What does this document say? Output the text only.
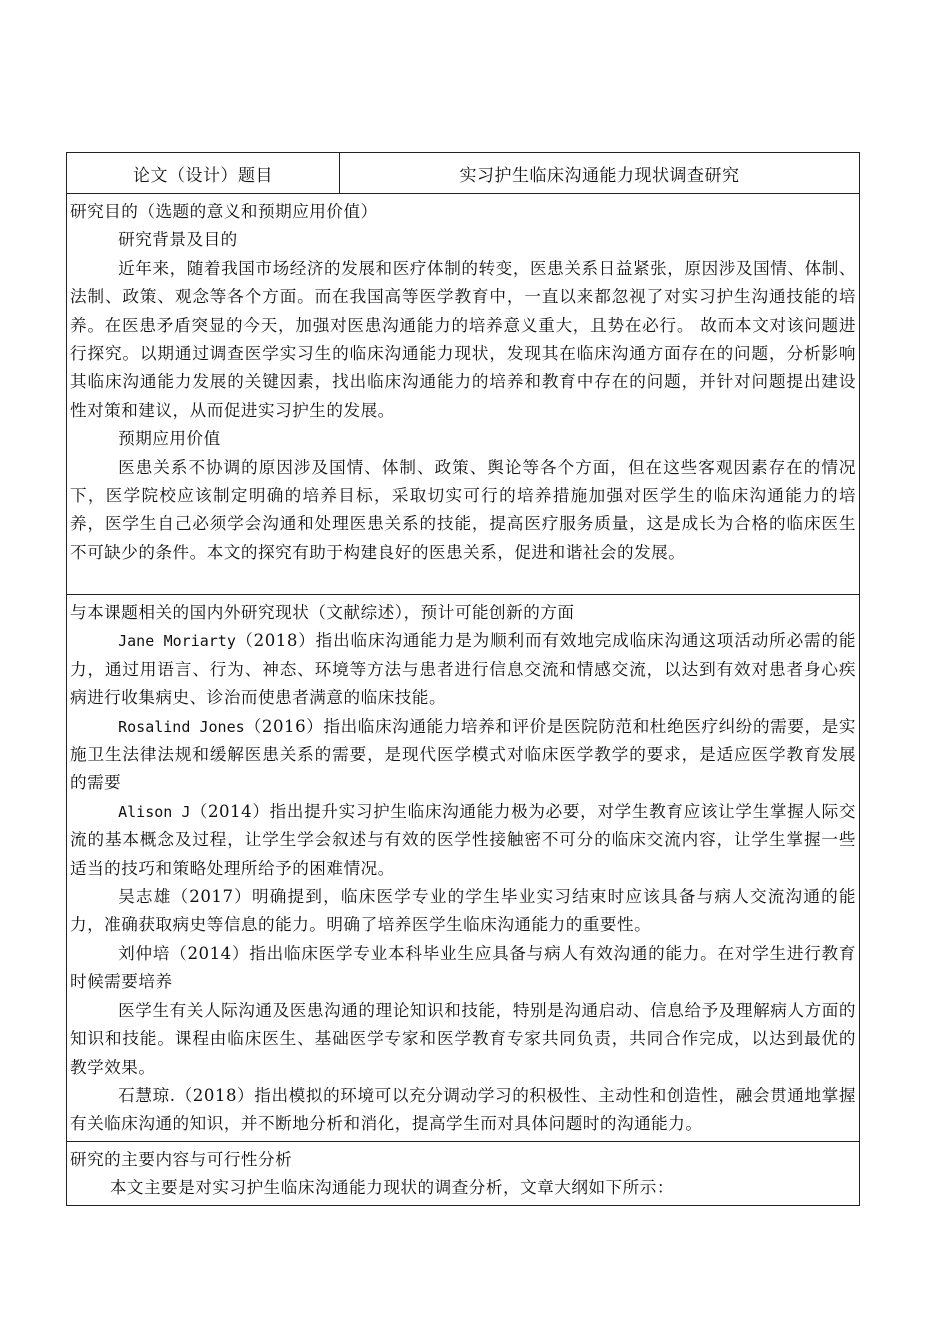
论文（设计）题目	实习护生临床沟通能力现状调查研究

研究目的（选题的意义和预期应用价值）
研究背景及目的

近年来，随着我国市场经济的发展和医疗体制的转变，医患关系日益紧张，原因涉及国情、体制、法制、政策、观念等各个方面。而在我国高等医学教育中，一直以来都忽视了对实习护生沟通技能的培养。在医患矛盾突显的今天，加强对医患沟通能力的培养意义重大，且势在必行。 故而本文对该问题进行探究。以期通过调查医学实习生的临床沟通能力现状，发现其在临床沟通方面存在的问题，分析影响其临床沟通能力发展的关键因素，找出临床沟通能力的培养和教育中存在的问题，并针对问题提出建设性对策和建议，从而促进实习护生的发展。

预期应用价值

医患关系不协调的原因涉及国情、体制、政策、舆论等各个方面，但在这些客观因素存在的情况下，医学院校应该制定明确的培养目标，采取切实可行的培养措施加强对医学生的临床沟通能力的培养，医学生自己必须学会沟通和处理医患关系的技能，提高医疗服务质量，这是成长为合格的临床医生不可缺少的条件。本文的探究有助于构建良好的医患关系，促进和谐社会的发展。

与本课题相关的国内外研究现状（文献综述），预计可能创新的方面

Jane Moriarty（2018）指出临床沟通能力是为顺利而有效地完成临床沟通这项活动所必需的能力，通过用语言、行为、神态、环境等方法与患者进行信息交流和情感交流，以达到有效对患者身心疾病进行收集病史、诊治而使患者满意的临床技能。

Rosalind Jones（2016）指出临床沟通能力培养和评价是医院防范和杜绝医疗纠纷的需要，是实施卫生法律法规和缓解医患关系的需要，是现代医学模式对临床医学教学的要求，是适应医学教育发展的需要

Alison J（2014）指出提升实习护生临床沟通能力极为必要，对学生教育应该让学生掌握人际交流的基本概念及过程，让学生学会叙述与有效的医学性接触密不可分的临床交流内容，让学生掌握一些适当的技巧和策略处理所给予的困难情况。

吴志雄（2017）明确提到，临床医学专业的学生毕业实习结束时应该具备与病人交流沟通的能力，准确获取病史等信息的能力。明确了培养医学生临床沟通能力的重要性。

刘仲培（2014）指出临床医学专业本科毕业生应具备与病人有效沟通的能力。在对学生进行教育时候需要培养

医学生有关人际沟通及医患沟通的理论知识和技能，特别是沟通启动、信息给予及理解病人方面的知识和技能。课程由临床医生、基础医学专家和医学教育专家共同负责，共同合作完成，以达到最优的教学效果。

石慧琼.（2018）指出模拟的环境可以充分调动学习的积极性、主动性和创造性，融会贯通地掌握有关临床沟通的知识，并不断地分析和消化，提高学生而对具体问题时的沟通能力。

研究的主要内容与可行性分析

本文主要是对实习护生临床沟通能力现状的调查分析，文章大纲如下所示：
